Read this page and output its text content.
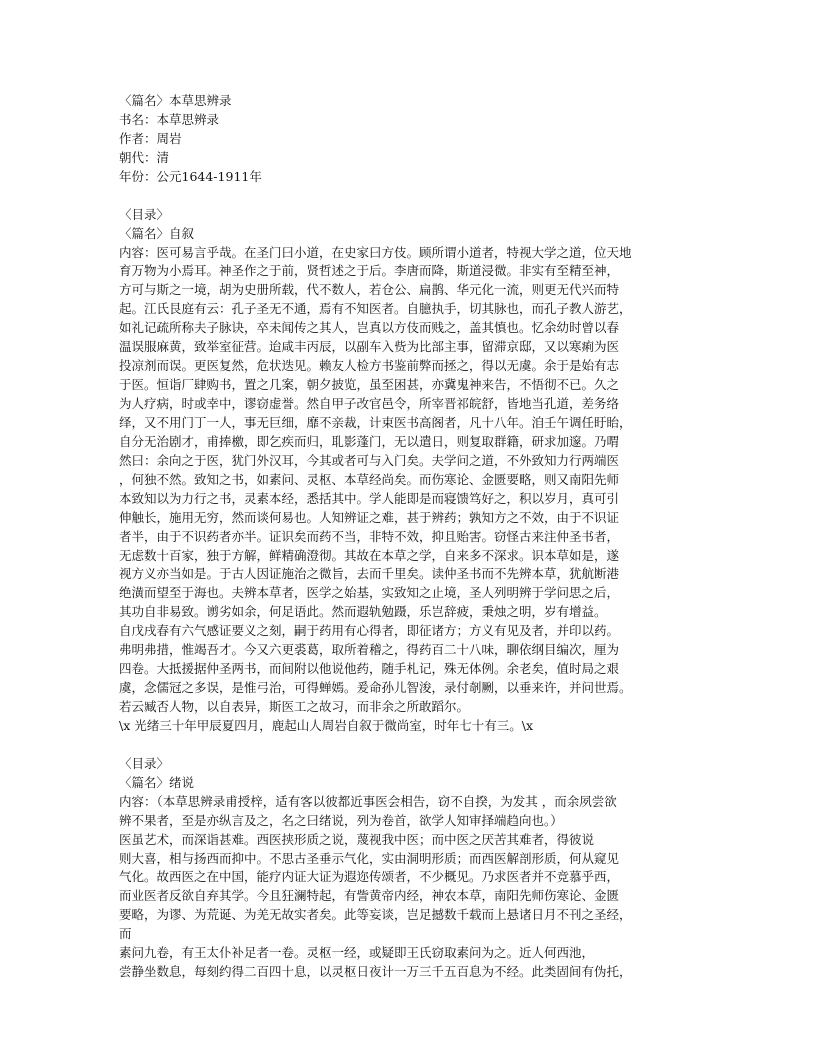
〈篇名〉本草思辨录
书名：本草思辨录
作者：周岩
朝代：清
年份：公元1644-1911年
〈目录〉
〈篇名〉自叙
内容：医可易言乎哉。在圣门曰小道，在史家曰方伎。顾所谓小道者，特视大学之道，位天地
育万物为小焉耳。神圣作之于前，贤哲述之于后。李唐而降，斯道浸微。非实有至精至神，
方可与斯之一境，胡为史册所载，代不数人，若仓公、扁鹊、华元化一流，则更无代兴而特
起。江氏艮庭有云：孔子圣无不通，焉有不知医者。自臆执手，切其脉也，而孔子教人游艺，
如礼记疏所称夫子脉诀，卒未闻传之其人，岂真以方伎而贱之，盖其慎也。忆余幼时曾以春
温误服麻黄，致举室征营。迨咸丰丙辰，以副车入赀为比部主事，留滞京邸，又以寒痢为医
投凉剂而误。更医复然，危状迭见。赖友人检方书鉴前弊而拯之，得以无虞。余于是始有志
于医。恒诣厂肆购书，置之几案，朝夕披览，虽至困甚，亦冀鬼神来告，不悟彻不已。久之
为人疗病，时或幸中，谬窃虚誉。然自甲子改官邑令，所宰晋祁皖舒，皆地当孔道，差务络
绎，又不用门丁一人，事无巨细，靡不亲裁，计束医书高阁者，凡十八年。洎壬午调任盱眙，
自分无治剧才，甫捧檄，即乞疾而归，耴影蓬门，无以遣日，则复取群籍，研求加邃。乃喟
然曰：余向之于医，犹门外汉耳，今其或者可与入门矣。夫学问之道，不外致知力行两端医
，何独不然。致知之书，如素问、灵枢、本草经尚矣。而伤寒论、金匮要略，则又南阳先师
本致知以为力行之书，灵素本经，悉括其中。学人能即是而寝馈笃好之，积以岁月，真可引
伸触长，施用无穷，然而谈何易也。人知辨证之难，甚于辨药；孰知方之不效，由于不识证
者半，由于不识药者亦半。证识矣而药不当，非特不效，抑且贻害。窃怪古来注仲圣书者，
无虑数十百家，独于方解，鲜精确澄彻。其故在本草之学，自来多不深求。识本草如是，遂
视方义亦当如是。于古人因证施治之微旨，去而千里矣。读仲圣书而不先辨本草，犹航断港
绝潢而望至于海也。夫辨本草者，医学之始基，实致知之止境，圣人列明辨于学问思之后，
其功自非易致。谫劣如余，何足语此。然而遐轨勉蹑，乐岂辞疲，秉烛之明，岁有增益。
自戊戌春有六气感证要义之刻，嗣于药用有心得者，即征诸方；方义有见及者，并印以药。
弗明弗措，惟竭吾才。今又六更裘葛，取所着稽之，得药百二十八味，聊依纲目编次，厘为
四卷。大抵援据仲圣两书，而间附以他说他药，随手札记，殊无体例。余老矣，值时局之艰
虞，念儒冠之多误，是惟弓治，可得蝉嫣。爰命孙儿智浚，录付剞劂，以垂来许，并问世焉。
若云臧否人物，以自表异，斯医工之故习，而非余之所敢蹈尔。
\x 光绪三十年甲辰夏四月，鹿起山人周岩自叙于微尚室，时年七十有三。\x
〈目录〉
〈篇名〉绪说
内容：（本草思辨录甫授梓，适有客以彼都近事医会相告，窃不自揆，为发其 ，而余夙尝欲
辨不果者，至是亦纵言及之，名之曰绪说，列为卷首，欲学人知审择端趋向也。）
医虽艺术，而深诣甚难。西医挟形质之说，蔑视我中医；而中医之厌苦其难者，得彼说
则大喜，相与扬西而抑中。不思古圣垂示气化，实由洞明形质；而西医解剖形质，何从窥见
气化。故西医之在中国，能疗内证大证为遐迩传颂者，不少概见。乃求医者并不竞慕乎西，
而业医者反欲自弃其学。今且狂澜特起，有訾黄帝内经，神农本草，南阳先师伤寒论、金匮
要略，为谬、为荒诞、为羌无故实者矣。此等妄谈，岂足撼数千载而上悬诸日月不刊之圣经，
而
素问九卷，有王太仆补足者一卷。灵枢一经，或疑即王氏窃取素问为之。近人何西池，
尝静坐数息，每刻约得二百四十息，以灵枢日夜计一万三千五百息为不经。此类固间有伪托，
